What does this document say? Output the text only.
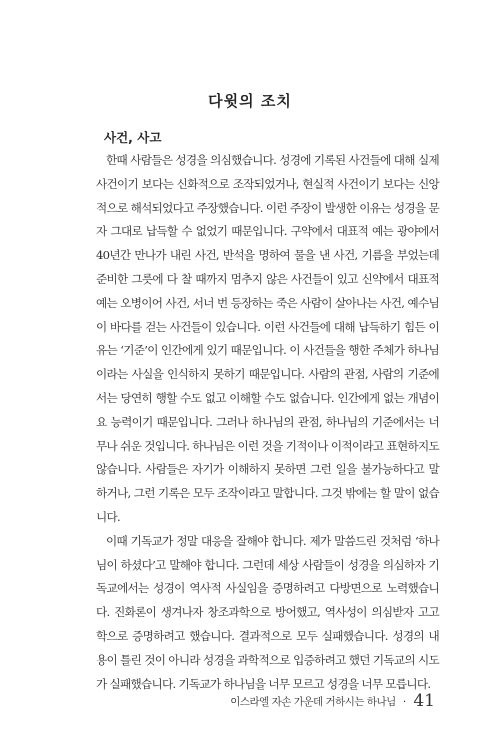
다윗의 조치
사건, 사고

한때 사람들은 성경을 의심했습니다. 성경에 기록된 사건들에 대해 실제
사건이기 보다는 신화적으로 조작되었거나, 현실적 사건이기 보다는 신앙
적으로 해석되었다고 주장했습니다. 이런 주장이 발생한 이유는 성경을 문
자 그대로 납득할 수 없었기 때문입니다. 구약에서 대표적 예는 광야에서
40년간 만나가 내린 사건, 반석을 명하여 물을 낸 사건, 기름을 부었는데
준비한 그릇에 다 찰 때까지 멈추지 않은 사건들이 있고 신약에서 대표적
예는 오병이어 사건, 서너 번 등장하는 죽은 사람이 살아나는 사건, 예수님
이 바다를 걷는 사건들이 있습니다. 이런 사건들에 대해 납득하기 힘든 이
유는 ‘기준’이 인간에게 있기 때문입니다. 이 사건들을 행한 주체가 하나님
이라는 사실을 인식하지 못하기 때문입니다. 사람의 관점, 사람의 기준에
서는 당연히 행할 수도 없고 이해할 수도 없습니다. 인간에게 없는 개념이
요 능력이기 때문입니다. 그러나 하나님의 관점, 하나님의 기준에서는 너
무나 쉬운 것입니다. 하나님은 이런 것을 기적이나 이적이라고 표현하지도
않습니다. 사람들은 자기가 이해하지 못하면 그런 일을 불가능하다고 말
하거나, 그런 기록은 모두 조작이라고 말합니다. 그것 밖에는 할 말이 없습
니다.

이때 기독교가 정말 대응을 잘해야 합니다. 제가 말씀드린 것처럼 ‘하나
님이 하셨다’고 말해야 합니다. 그런데 세상 사람들이 성경을 의심하자 기
독교에서는 성경이 역사적 사실임을 증명하려고 다방면으로 노력했습니
다. 진화론이 생겨나자 창조과학으로 방어했고, 역사성이 의심받자 고고
학으로 증명하려고 했습니다. 결과적으로 모두 실패했습니다. 성경의 내
용이 틀린 것이 아니라 성경을 과학적으로 입증하려고 했던 기독교의 시도
가 실패했습니다. 기독교가 하나님을 너무 모르고 성경을 너무 모릅니다.

이스라엘 자손 가운데 거하시는 하나님 · 41
